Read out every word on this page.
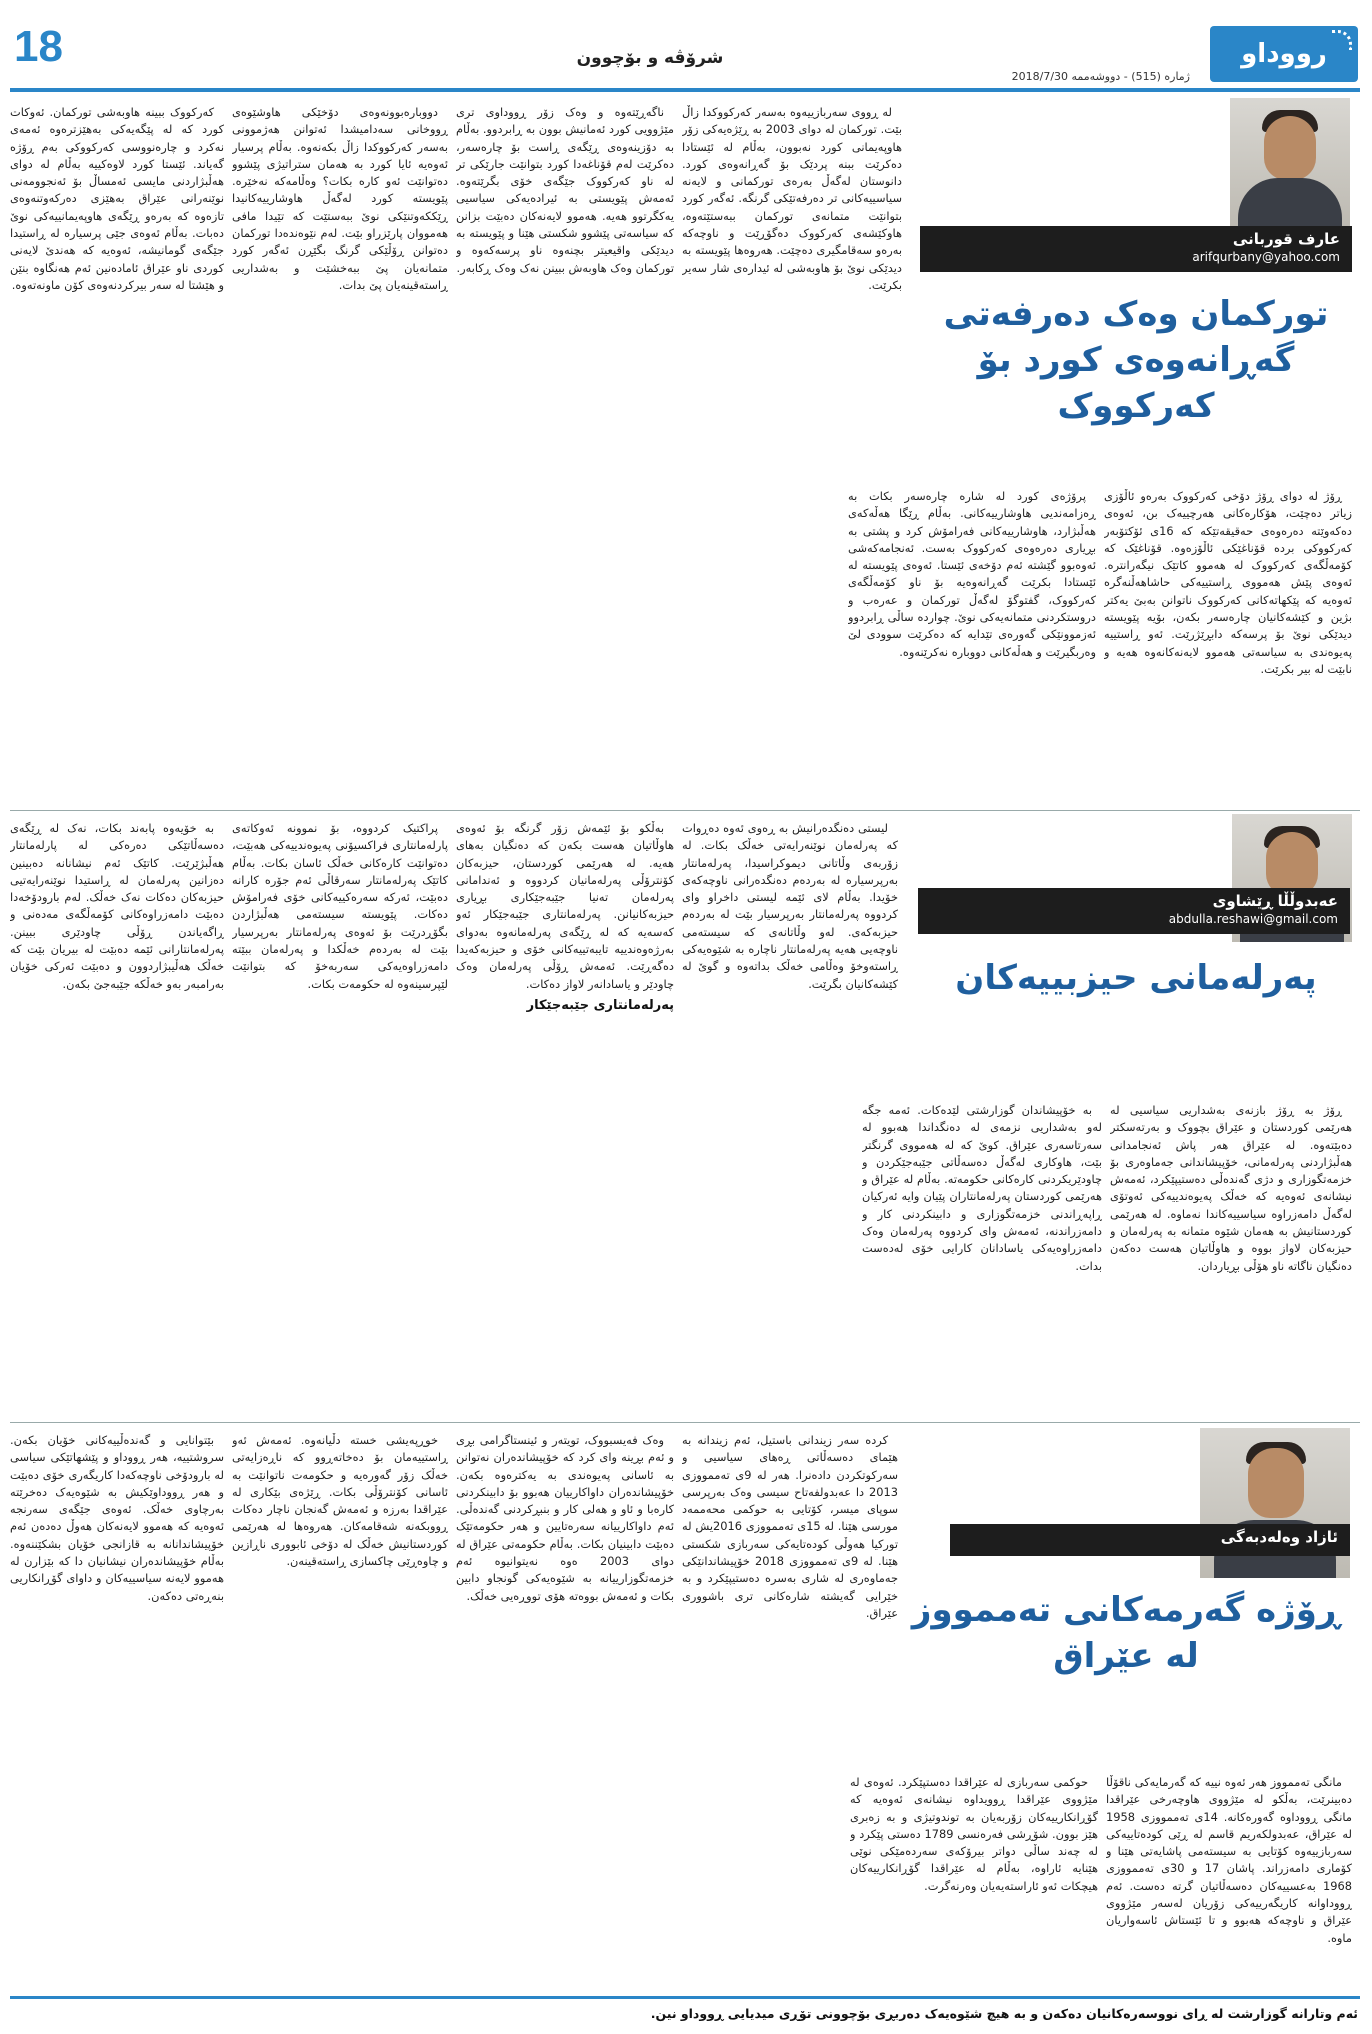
18	شرۆڤە و بۆچوون
ژمارە (515) - دووشەممە 2018/7/30
رووداو
عارف قوربانی
arifqurbany@yahoo.com
تورکمان وەک دەرفەتی گەڕانەوەی کورد بۆ کەرکووک

ڕۆژ لە دوای ڕۆژ دۆخی کەرکووک بەرەو ئاڵۆزی زیاتر دەچێت، هۆکارەکانی هەرچییەک بن، ئەوەی دەکەوێتە دەرەوەی حەقیقەتێکە کە 16ی ئۆکتۆبەر کەرکووکی بردە قۆناغێکی ئاڵۆزەوە. قۆناغێک کە کۆمەڵگەی کەرکووک لە هەموو کاتێک نیگەرانترە. ئەوەی پێش هەمووی ڕاستییەکی حاشاهەڵنەگرە ئەوەیە کە پێکهاتەکانی کەرکووک ناتوانن بەبێ یەکتر بژین و کێشەکانیان چارەسەر بکەن، بۆیە پێویستە دیدێکی نوێ بۆ پرسەکە دابڕێژرێت. ئەو ڕاستییە پەیوەندی بە سیاسەتی هەموو لایەنەکانەوە هەیە و نابێت لە بیر بکرێت.

پرۆژەی کورد لە شارە چارەسەر بکات بە ڕەزامەندیی هاوشارییەکانی. بەڵام ڕێگا هەڵەکەی هەڵبژارد، هاوشارییەکانی فەرامۆش کرد و پشتی بە بڕیاری دەرەوەی کەرکووک بەست. ئەنجامەکەشی ئەوەبوو گێشتە ئەم دۆخەی ئێستا. ئەوەی پێویستە لە ئێستادا بکرێت گەڕانەوەیە بۆ ناو کۆمەڵگەی کەرکووک، گفتوگۆ لەگەڵ تورکمان و عەرەب و دروستکردنی متمانەیەکی نوێ. چواردە ساڵی ڕابردوو ئەزموونێکی گەورەی تێدایە کە دەکرێت سوودی لێ وەربگیرێت و هەڵەکانی دووبارە نەکرێنەوە.

لە ڕووی سەربازییەوە بەسەر کەرکووکدا زاڵ بێت. تورکمان لە دوای 2003 بە ڕێژەیەکی زۆر هاوپەیمانی کورد نەبوون، بەڵام لە ئێستادا دەکرێت ببنە پردێک بۆ گەڕانەوەی کورد. دانوستان لەگەڵ بەرەی تورکمانی و لایەنە سیاسییەکانی تر دەرفەتێکی گرنگە. ئەگەر کورد بتوانێت متمانەی تورکمان ببەستێتەوە، هاوکێشەی کەرکووک دەگۆڕێت و ناوچەکە بەرەو سەقامگیری دەچێت. هەروەها پێویستە بە دیدێکی نوێ بۆ هاوبەشی لە ئیدارەی شار سەیر بکرێت.

ناگەڕێتەوە و وەک زۆر ڕووداوی تری مێژوویی کورد ئەمانیش بوون بە ڕابردوو. بەڵام بە دۆزینەوەی ڕێگەی ڕاست بۆ چارەسەر، دەکرێت لەم قۆناغەدا کورد بتوانێت جارێکی تر لە ناو کەرکووک جێگەی خۆی بگرێتەوە. ئەمەش پێویستی بە ئیرادەیەکی سیاسیی یەکگرتوو هەیە. هەموو لایەنەکان دەبێت بزانن کە سیاسەتی پێشوو شکستی هێنا و پێویستە بە دیدێکی واقیعیتر بچنەوە ناو پرسەکەوە و تورکمان وەک هاوبەش ببینن نەک وەک ڕکابەر.

دووبارەبوونەوەی دۆخێکی هاوشێوەی ڕووخانی سەدامیشدا ئەتوانن هەژموونی بەسەر کەرکووکدا زاڵ بکەنەوە. بەڵام پرسیار ئەوەیە ئایا کورد بە هەمان ستراتیژی پێشوو دەتوانێت ئەو کارە بکات؟ وەڵامەکە نەخێرە. پێویستە کورد لەگەڵ هاوشارییەکانیدا ڕێککەوتنێکی نوێ ببەستێت کە تێیدا مافی هەمووان پارێزراو بێت. لەم نێوەندەدا تورکمان دەتوانن ڕۆڵێکی گرنگ بگێڕن ئەگەر کورد متمانەیان پێ ببەخشێت و بەشداریی ڕاستەقینەیان پێ بدات.

کەرکووک ببینە هاوبەشی تورکمان. ئەوکات کورد کە لە پێگەیەکی بەهێزترەوە ئەمەی نەکرد و چارەنووسی کەرکووکی بەم ڕۆژە گەیاند. ئێستا کورد لاوەکییە بەڵام لە دوای هەڵبژاردنی مایسی ئەمساڵ بۆ ئەنجوومەنی نوێنەرانی عێراق بەهێزی دەرکەوتنەوەی تازەوە کە بەرەو ڕێگەی هاوپەیمانییەکی نوێ دەبات. بەڵام ئەوەی جێی پرسیارە لە ڕاستیدا جێگەی گومانیشە، ئەوەیە کە هەندێ لایەنی کوردی ناو عێراق ئامادەنین ئەم هەنگاوە بنێن و هێشتا لە سەر بیرکردنەوەی کۆن ماونەتەوە.

عەبدوڵڵا ڕێشاوی
abdulla.reshawi@gmail.com
پەرلەمانی حیزبییەکان

ڕۆژ بە ڕۆژ بازنەی بەشداریی سیاسیی لە هەرێمی کوردستان و عێراق بچووک و بەرتەسکتر دەبێتەوە. لە عێراق هەر پاش ئەنجامدانی هەڵبژاردنی پەرلەمانی، خۆپیشاندانی جەماوەری بۆ خزمەتگوزاری و دژی گەندەڵی دەستیپێکرد، ئەمەش نیشانەی ئەوەیە کە خەڵک پەیوەندییەکی ئەوتۆی لەگەڵ دامەزراوە سیاسییەکاندا نەماوە. لە هەرێمی کوردستانیش بە هەمان شێوە متمانە بە پەرلەمان و حیزبەکان لاواز بووە و هاوڵاتیان هەست دەکەن دەنگیان ناگاتە ناو هۆڵی بڕیاردان.

بە خۆپیشاندان گوزارشتی لێدەکات. ئەمە جگە لەو بەشداریی نزمەی لە دەنگداندا هەبوو لە سەرتاسەری عێراق. کوێ کە لە هەمووی گرنگتر بێت، هاوکاری لەگەڵ دەسەڵاتی جێبەجێکردن و چاودێریکردنی کارەکانی حکومەتە. بەڵام لە عێراق و هەرێمی کوردستان پەرلەمانتاران پێیان وایە ئەرکیان ڕاپەڕاندنی خزمەتگوزاری و دابینکردنی کار و دامەزراندنە، ئەمەش وای کردووە پەرلەمان وەک دامەزراوەیەکی یاسادانان کارایی خۆی لەدەست بدات.

لیستی دەنگدەرانیش بە ڕەوی ئەوە دەڕوات کە پەرلەمان نوێنەرایەتی خەڵک بکات. لە زۆربەی وڵاتانی دیموکراسیدا، پەرلەمانتار بەرپرسیارە لە بەردەم دەنگدەرانی ناوچەکەی خۆیدا. بەڵام لای ئێمە لیستی داخراو وای کردووە پەرلەمانتار بەرپرسیار بێت لە بەردەم حیزبەکەی. لەو وڵاتانەی کە سیستەمی ناوچەیی هەیە پەرلەمانتار ناچارە بە شێوەیەکی ڕاستەوخۆ وەڵامی خەڵک بداتەوە و گوێ لە کێشەکانیان بگرێت.

بەڵکو بۆ ئێمەش زۆر گرنگە بۆ ئەوەی هاوڵاتیان هەست بکەن کە دەنگیان بەهای هەیە. لە هەرێمی کوردستان، حیزبەکان کۆنترۆڵی پەرلەمانیان کردووە و ئەندامانی پەرلەمان تەنیا جێبەجێکاری بڕیاری حیزبەکانیانن. پەرلەمانتاری جێبەجێکار ئەو کەسەیە کە لە ڕێگەی پەرلەمانەوە بەدوای بەرژەوەندییە تایبەتییەکانی خۆی و حیزبەکەیدا دەگەڕێت. ئەمەش ڕۆڵی پەرلەمان وەک چاودێر و یاسادانەر لاواز دەکات.

پەرلەمانتاری جێبەجێکار

پراکتیک کردووە، بۆ نموونە ئەوکاتەی پارلەمانتاری فراکسیۆنی پەیوەندییەکی هەبێت، دەتوانێت کارەکانی خەڵک ئاسان بکات. بەڵام کاتێک پەرلەمانتار سەرقاڵی ئەم جۆرە کارانە دەبێت، ئەرکە سەرەکییەکانی خۆی فەرامۆش دەکات. پێویستە سیستەمی هەڵبژاردن بگۆڕدرێت بۆ ئەوەی پەرلەمانتار بەرپرسیار بێت لە بەردەم خەڵکدا و پەرلەمان ببێتە دامەزراوەیەکی سەربەخۆ کە بتوانێت لێپرسینەوە لە حکومەت بکات.

بە خۆیەوە پابەند بکات، نەک لە ڕێگەی دەسەڵاتێکی دەرەکی لە پارلەمانتار هەڵبژێرێت. کاتێک ئەم نیشانانە دەبینین دەزانین پەرلەمان لە ڕاستیدا نوێنەرایەتیی حیزبەکان دەکات نەک خەڵک. لەم بارودۆخەدا دەبێت دامەزراوەکانی کۆمەڵگەی مەدەنی و ڕاگەیاندن ڕۆڵی چاودێری ببینن. پەرلەمانتارانی ئێمە دەبێت لە بیریان بێت کە خەڵک هەڵیبژاردوون و دەبێت ئەرکی خۆیان بەرامبەر بەو خەڵکە جێبەجێ بکەن.

ئازاد وەلەدبەگی
ڕۆژە گەرمەکانی تەممووز لە عێراق

مانگی تەممووز هەر ئەوە نییە کە گەرمایەکی ناقۆڵا دەبینرێت، بەڵکو لە مێژووی هاوچەرخی عێراقدا مانگی ڕووداوە گەورەکانە. 14ی تەممووزی 1958 لە عێراق، عەبدولکەریم قاسم لە ڕێی کودەتاییەکی سەربازییەوە کۆتایی بە سیستەمی پاشایەتی هێنا و کۆماری دامەزراند. پاشان 17 و 30ی تەممووزی 1968 بەعسییەکان دەسەڵاتیان گرتە دەست. ئەم ڕووداوانە کاریگەرییەکی زۆریان لەسەر مێژووی عێراق و ناوچەکە هەبوو و تا ئێستاش ئاسەواریان ماوە.

حوکمی سەربازی لە عێراقدا دەستپێکرد. ئەوەی لە مێژووی عێراقدا ڕوویداوە نیشانەی ئەوەیە کە گۆڕانکارییەکان زۆربەیان بە توندوتیژی و بە زەبری هێز بوون. شۆڕشی فەرەنسی 1789 دەستی پێکرد و لە چەند ساڵی دواتر بیرۆکەی سەردەمێکی نوێی هێنایە ئاراوە، بەڵام لە عێراقدا گۆڕانکارییەکان هیچکات ئەو ئاراستەیەیان وەرنەگرت.

کردە سەر زیندانی باستیل، ئەم زیندانە بە هێمای دەسەڵاتی ڕەهای سیاسیی و سەرکوتکردن دادەنرا. هەر لە 9ی تەممووزی 2013 دا عەبدولفەتاح سیسی وەک بەرپرسی سوپای میسر، کۆتایی بە حوکمی محەممەد مورسی هێنا. لە 15ی تەممووزی 2016یش لە تورکیا هەوڵی کودەتایەکی سەربازی شکستی هێنا. لە 9ی تەممووزی 2018 خۆپیشاندانێکی جەماوەری لە شاری بەسرە دەستیپێکرد و بە خێرایی گەیشتە شارەکانی تری باشووری عێراق.

وەک فەیسبووک، تویتەر و ئینستاگرامی بڕی و ئەم بڕینە وای کرد کە خۆپیشاندەران نەتوانن بە ئاسانی پەیوەندی بە یەکترەوە بکەن. خۆپیشاندەران داواکارییان هەبوو بۆ دابینکردنی کارەبا و ئاو و هەلی کار و بنبڕکردنی گەندەڵی. ئەم داواکارییانە سەرەتایین و هەر حکومەتێک دەبێت دابینیان بکات. بەڵام حکومەتی عێراق لە دوای 2003 ەوە نەیتوانیوە ئەم خزمەتگوزارییانە بە شێوەیەکی گونجاو دابین بکات و ئەمەش بووەتە هۆی تووڕەیی خەڵک.

خوڕپەیشی خستە دڵیانەوە. ئەمەش ئەو ڕاستییەمان بۆ دەخاتەڕوو کە ناڕەزایەتی خەڵک زۆر گەورەیە و حکومەت ناتوانێت بە ئاسانی کۆنترۆڵی بکات. ڕێژەی بێکاری لە عێراقدا بەرزە و ئەمەش گەنجان ناچار دەکات ڕووبکەنە شەقامەکان. هەروەها لە هەرێمی کوردستانیش خەڵک لە دۆخی ئابووری ناڕازین و چاوەڕێی چاکسازی ڕاستەقینەن.

بێتوانایی و گەندەڵییەکانی خۆیان بکەن. سروشتییە، هەر ڕووداو و پێشهاتێکی سیاسی لە بارودۆخی ناوچەکەدا کاریگەری خۆی دەبێت و هەر ڕووداوێکیش بە شێوەیەک دەخرێتە بەرچاوی خەڵک. ئەوەی جێگەی سەرنجە ئەوەیە کە هەموو لایەنەکان هەوڵ دەدەن ئەم خۆپیشاندانانە بە قازانجی خۆیان بشکێننەوە. بەڵام خۆپیشاندەران نیشانیان دا کە بێزارن لە هەموو لایەنە سیاسییەکان و داوای گۆڕانکاریی بنەڕەتی دەکەن.

ئەم وتارانە گوزارشت لە ڕای نووسەرەکانیان دەکەن و بە هیچ شێوەیەک دەربڕی بۆچوونی تۆڕی میدیایی ڕووداو نین.
